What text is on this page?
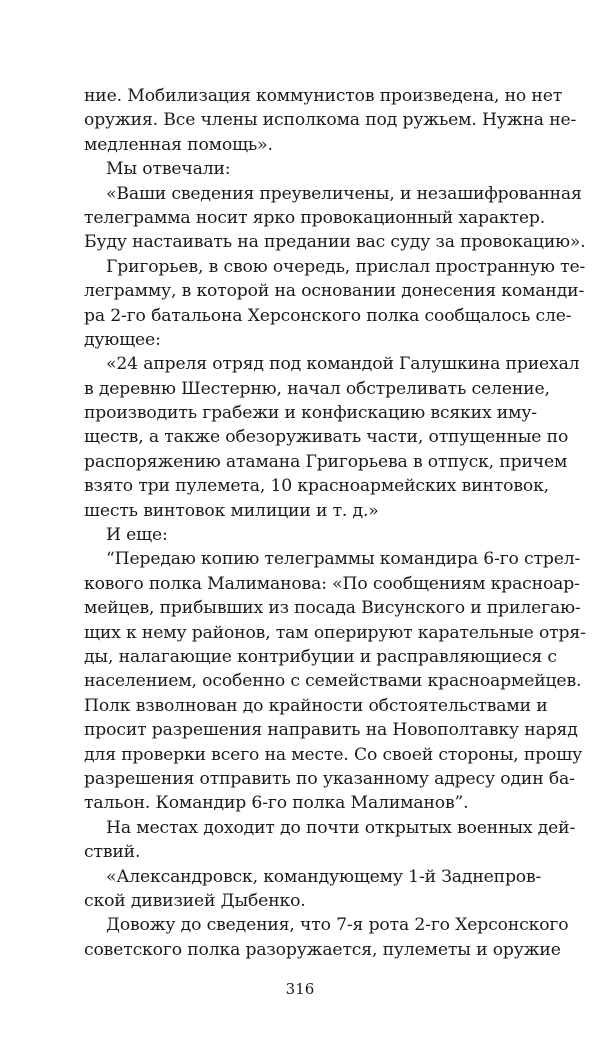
ние. Мобилизация коммунистов произведена, но нет
оружия. Все члены исполкома под ружьем. Нужна не-
медленная помощь».
Мы отвечали:
«Ваши сведения преувеличены, и незашифрованная
телеграмма носит ярко провокационный характер.
Буду настаивать на предании вас суду за провокацию».
Григорьев, в свою очередь, прислал пространную те-
леграмму, в которой на основании донесения команди-
ра 2-го батальона Херсонского полка сообщалось сле-
дующее:
«24 апреля отряд под командой Галушкина приехал
в деревню Шестерню, начал обстреливать селение,
производить грабежи и конфискацию всяких иму-
ществ, а также обезоруживать части, отпущенные по
распоряжению атамана Григорьева в отпуск, причем
взято три пулемета, 10 красноармейских винтовок,
шесть винтовок милиции и т. д.»
И еще:
“Передаю копию телеграммы командира 6-го стрел-
кового полка Малиманова: «По сообщениям красноар-
мейцев, прибывших из посада Висунского и прилегаю-
щих к нему районов, там оперируют карательные отря-
ды, налагающие контрибуции и расправляющиеся с
населением, особенно с семействами красноармейцев.
Полк взволнован до крайности обстоятельствами и
просит разрешения направить на Новополтавку наряд
для проверки всего на месте. Со своей стороны, прошу
разрешения отправить по указанному адресу один ба-
тальон. Командир 6-го полка Малиманов”.
На местах доходит до почти открытых военных дей-
ствий.
«Александровск, командующему 1-й Заднепров-
ской дивизией Дыбенко.
Довожу до сведения, что 7-я рота 2-го Херсонского
советского полка разоружается, пулеметы и оружие
316
